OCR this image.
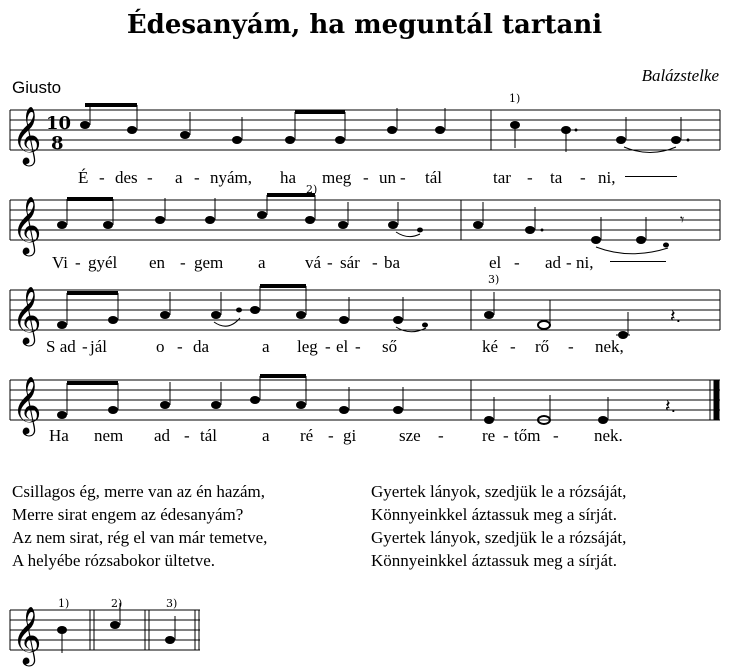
Édesanyám, ha meguntál tartani
Giusto
Balázstelke
𝄞 10
8
1)
É - des - a - nyám, ha meg - un - tál	tar - ta - ni,
𝄞	𝄾
2)
Vi - gyél en - gem a vá - sár - ba	el - ad - ni,
𝄞	𝄽.
3)
S ad - jál	o - da	a leg - el - ső	ké - rő - nek,
𝄞	𝄽.
Ha nem ad - tál	a ré - gi	sze - re - tőm - nek.
Csillagos ég, merre van az én hazám,
Merre sirat engem az édesanyám?
Az nem sirat, rég el van már temetve,
A helyébe rózsabokor ültetve.
Gyertek lányok, szedjük le a rózsáját,
Könnyeinkkel áztassuk meg a sírját.
Gyertek lányok, szedjük le a rózsáját,
Könnyeinkkel áztassuk meg a sírját.
𝄞
1)	2)	3)
